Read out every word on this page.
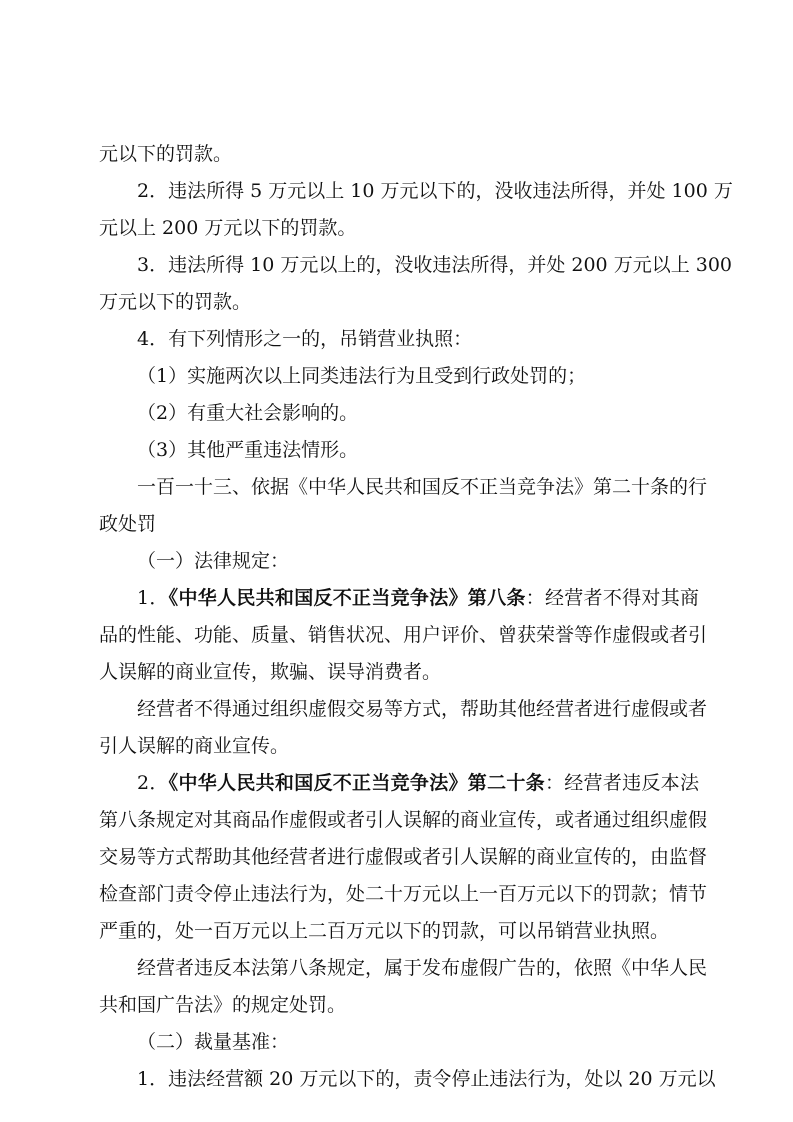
元以下的罚款。
2．违法所得 5 万元以上 10 万元以下的，没收违法所得，并处 100 万
元以上 200 万元以下的罚款。
3．违法所得 10 万元以上的，没收违法所得，并处 200 万元以上 300
万元以下的罚款。
4．有下列情形之一的，吊销营业执照：
（1）实施两次以上同类违法行为且受到行政处罚的；
（2）有重大社会影响的。
（3）其他严重违法情形。
一百一十三、依据《中华人民共和国反不正当竞争法》第二十条的行
政处罚
（一）法律规定：
1．《中华人民共和国反不正当竞争法》第八条：经营者不得对其商
品的性能、功能、质量、销售状况、用户评价、曾获荣誉等作虚假或者引
人误解的商业宣传，欺骗、误导消费者。
经营者不得通过组织虚假交易等方式，帮助其他经营者进行虚假或者
引人误解的商业宣传。
2．《中华人民共和国反不正当竞争法》第二十条：经营者违反本法
第八条规定对其商品作虚假或者引人误解的商业宣传，或者通过组织虚假
交易等方式帮助其他经营者进行虚假或者引人误解的商业宣传的，由监督
检查部门责令停止违法行为，处二十万元以上一百万元以下的罚款；情节
严重的，处一百万元以上二百万元以下的罚款，可以吊销营业执照。
经营者违反本法第八条规定，属于发布虚假广告的，依照《中华人民
共和国广告法》的规定处罚。
（二）裁量基准：
1．违法经营额 20 万元以下的，责令停止违法行为，处以 20 万元以
